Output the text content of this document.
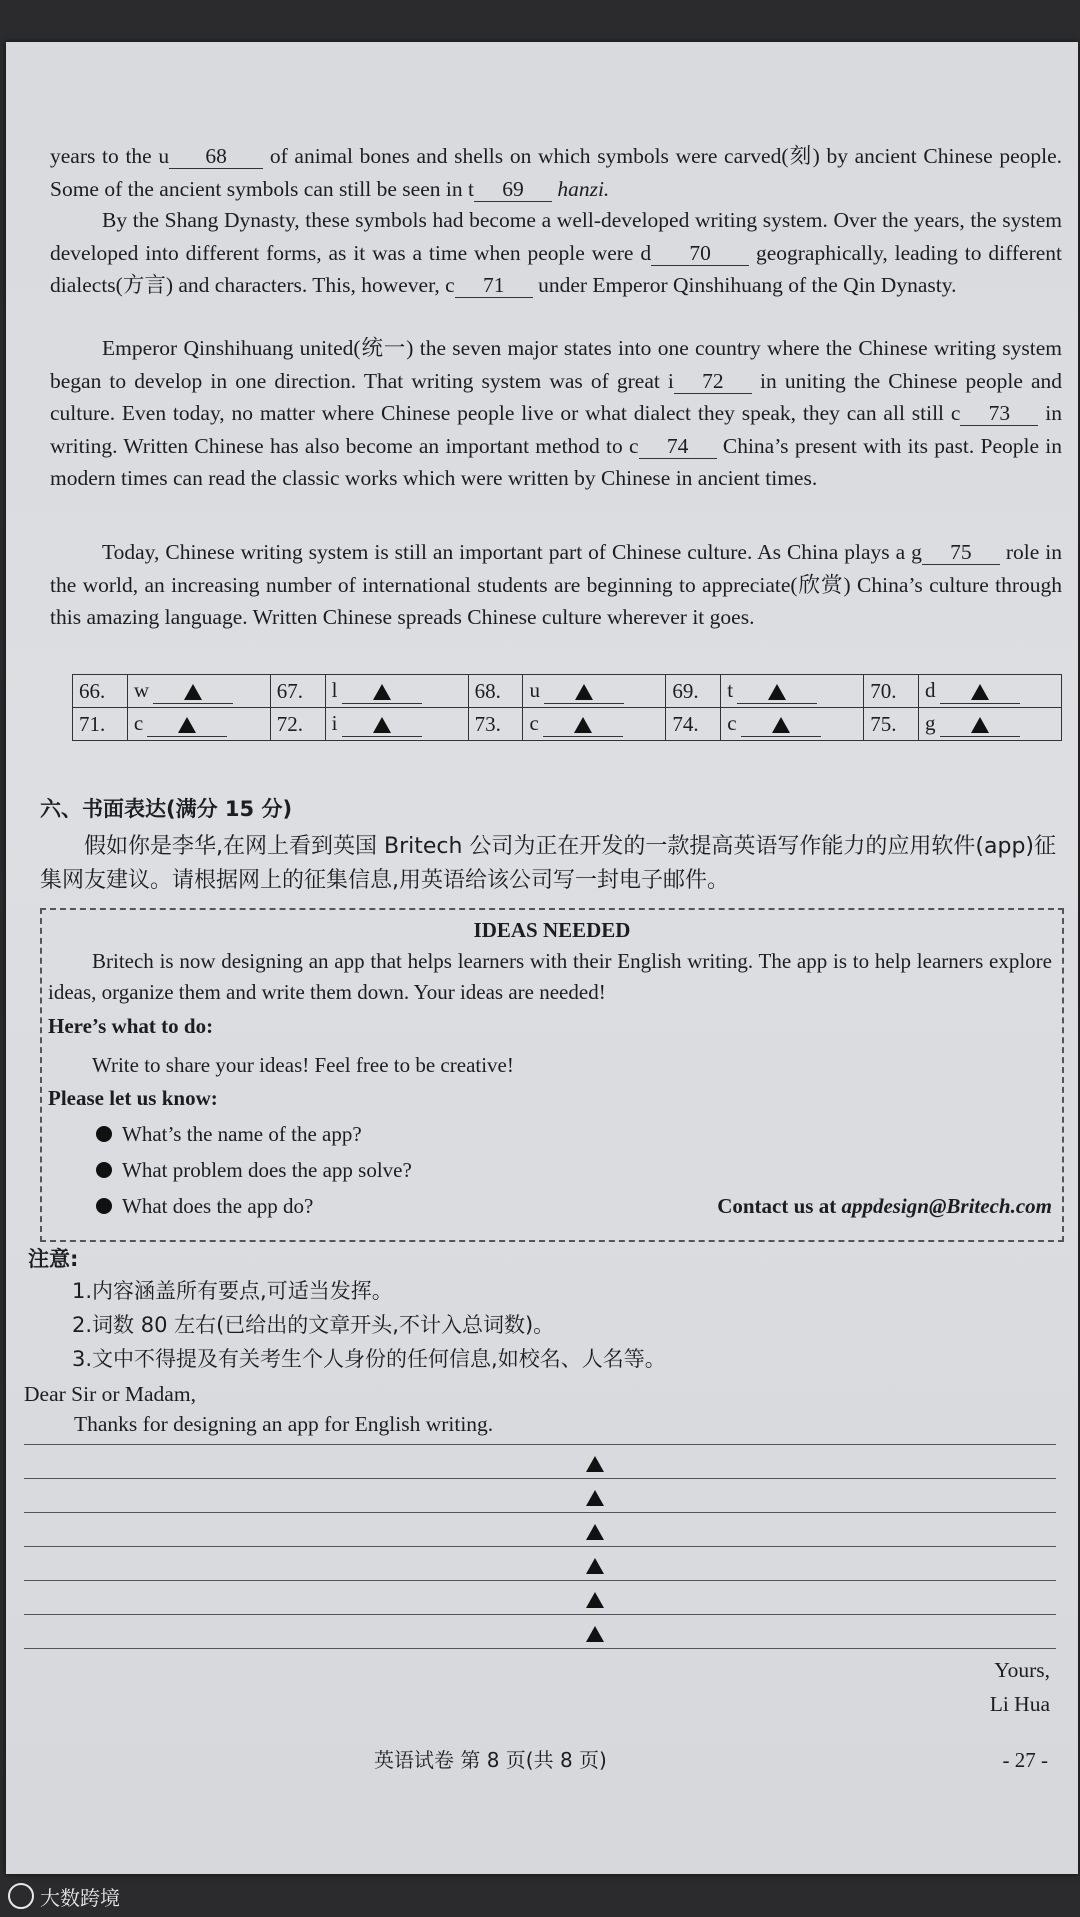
years to the u 68 of animal bones and shells on which symbols were carved(刻) by ancient Chinese people. Some of the ancient symbols can still be seen in t 69 hanzi.

By the Shang Dynasty, these symbols had become a well-developed writing system. Over the years, the system developed into different forms, as it was a time when people were d 70 geographically, leading to different dialects(方言) and characters. This, however, c 71 under Emperor Qinshihuang of the Qin Dynasty.

Emperor Qinshihuang united(统一) the seven major states into one country where the Chinese writing system began to develop in one direction. That writing system was of great i 72 in uniting the Chinese people and culture. Even today, no matter where Chinese people live or what dialect they speak, they can all still c 73 in writing. Written Chinese has also become an important method to c 74 China’s present with its past. People in modern times can read the classic works which were written by Chinese in ancient times.

Today, Chinese writing system is still an important part of Chinese culture. As China plays a g 75 role in the world, an increasing number of international students are beginning to appreciate(欣赏) China’s culture through this amazing language. Written Chinese spreads Chinese culture wherever it goes.

66.	w	67.	l	68.	u	69.	t	70.	d
71.	c	72.	i	73.	c	74.	c	75.	g
六、书面表达(满分 15 分)
假如你是李华,在网上看到英国 Britech 公司为正在开发的一款提高英语写作能力的应用软件(app)征集网友建议。请根据网上的征集信息,用英语给该公司写一封电子邮件。
IDEAS NEEDED
Britech is now designing an app that helps learners with their English writing. The app is to help learners explore ideas, organize them and write them down. Your ideas are needed!
Here’s what to do:
Write to share your ideas! Feel free to be creative!
Please let us know:
What’s the name of the app?
What problem does the app solve?
What does the app do?	Contact us at appdesign@Britech.com
注意:
1.内容涵盖所有要点,可适当发挥。
2.词数 80 左右(已给出的文章开头,不计入总词数)。
3.文中不得提及有关考生个人身份的任何信息,如校名、人名等。
Dear Sir or Madam,
Thanks for designing an app for English writing.
Yours,
Li Hua
英语试卷 第 8 页(共 8 页)	- 27 -
大数跨境
